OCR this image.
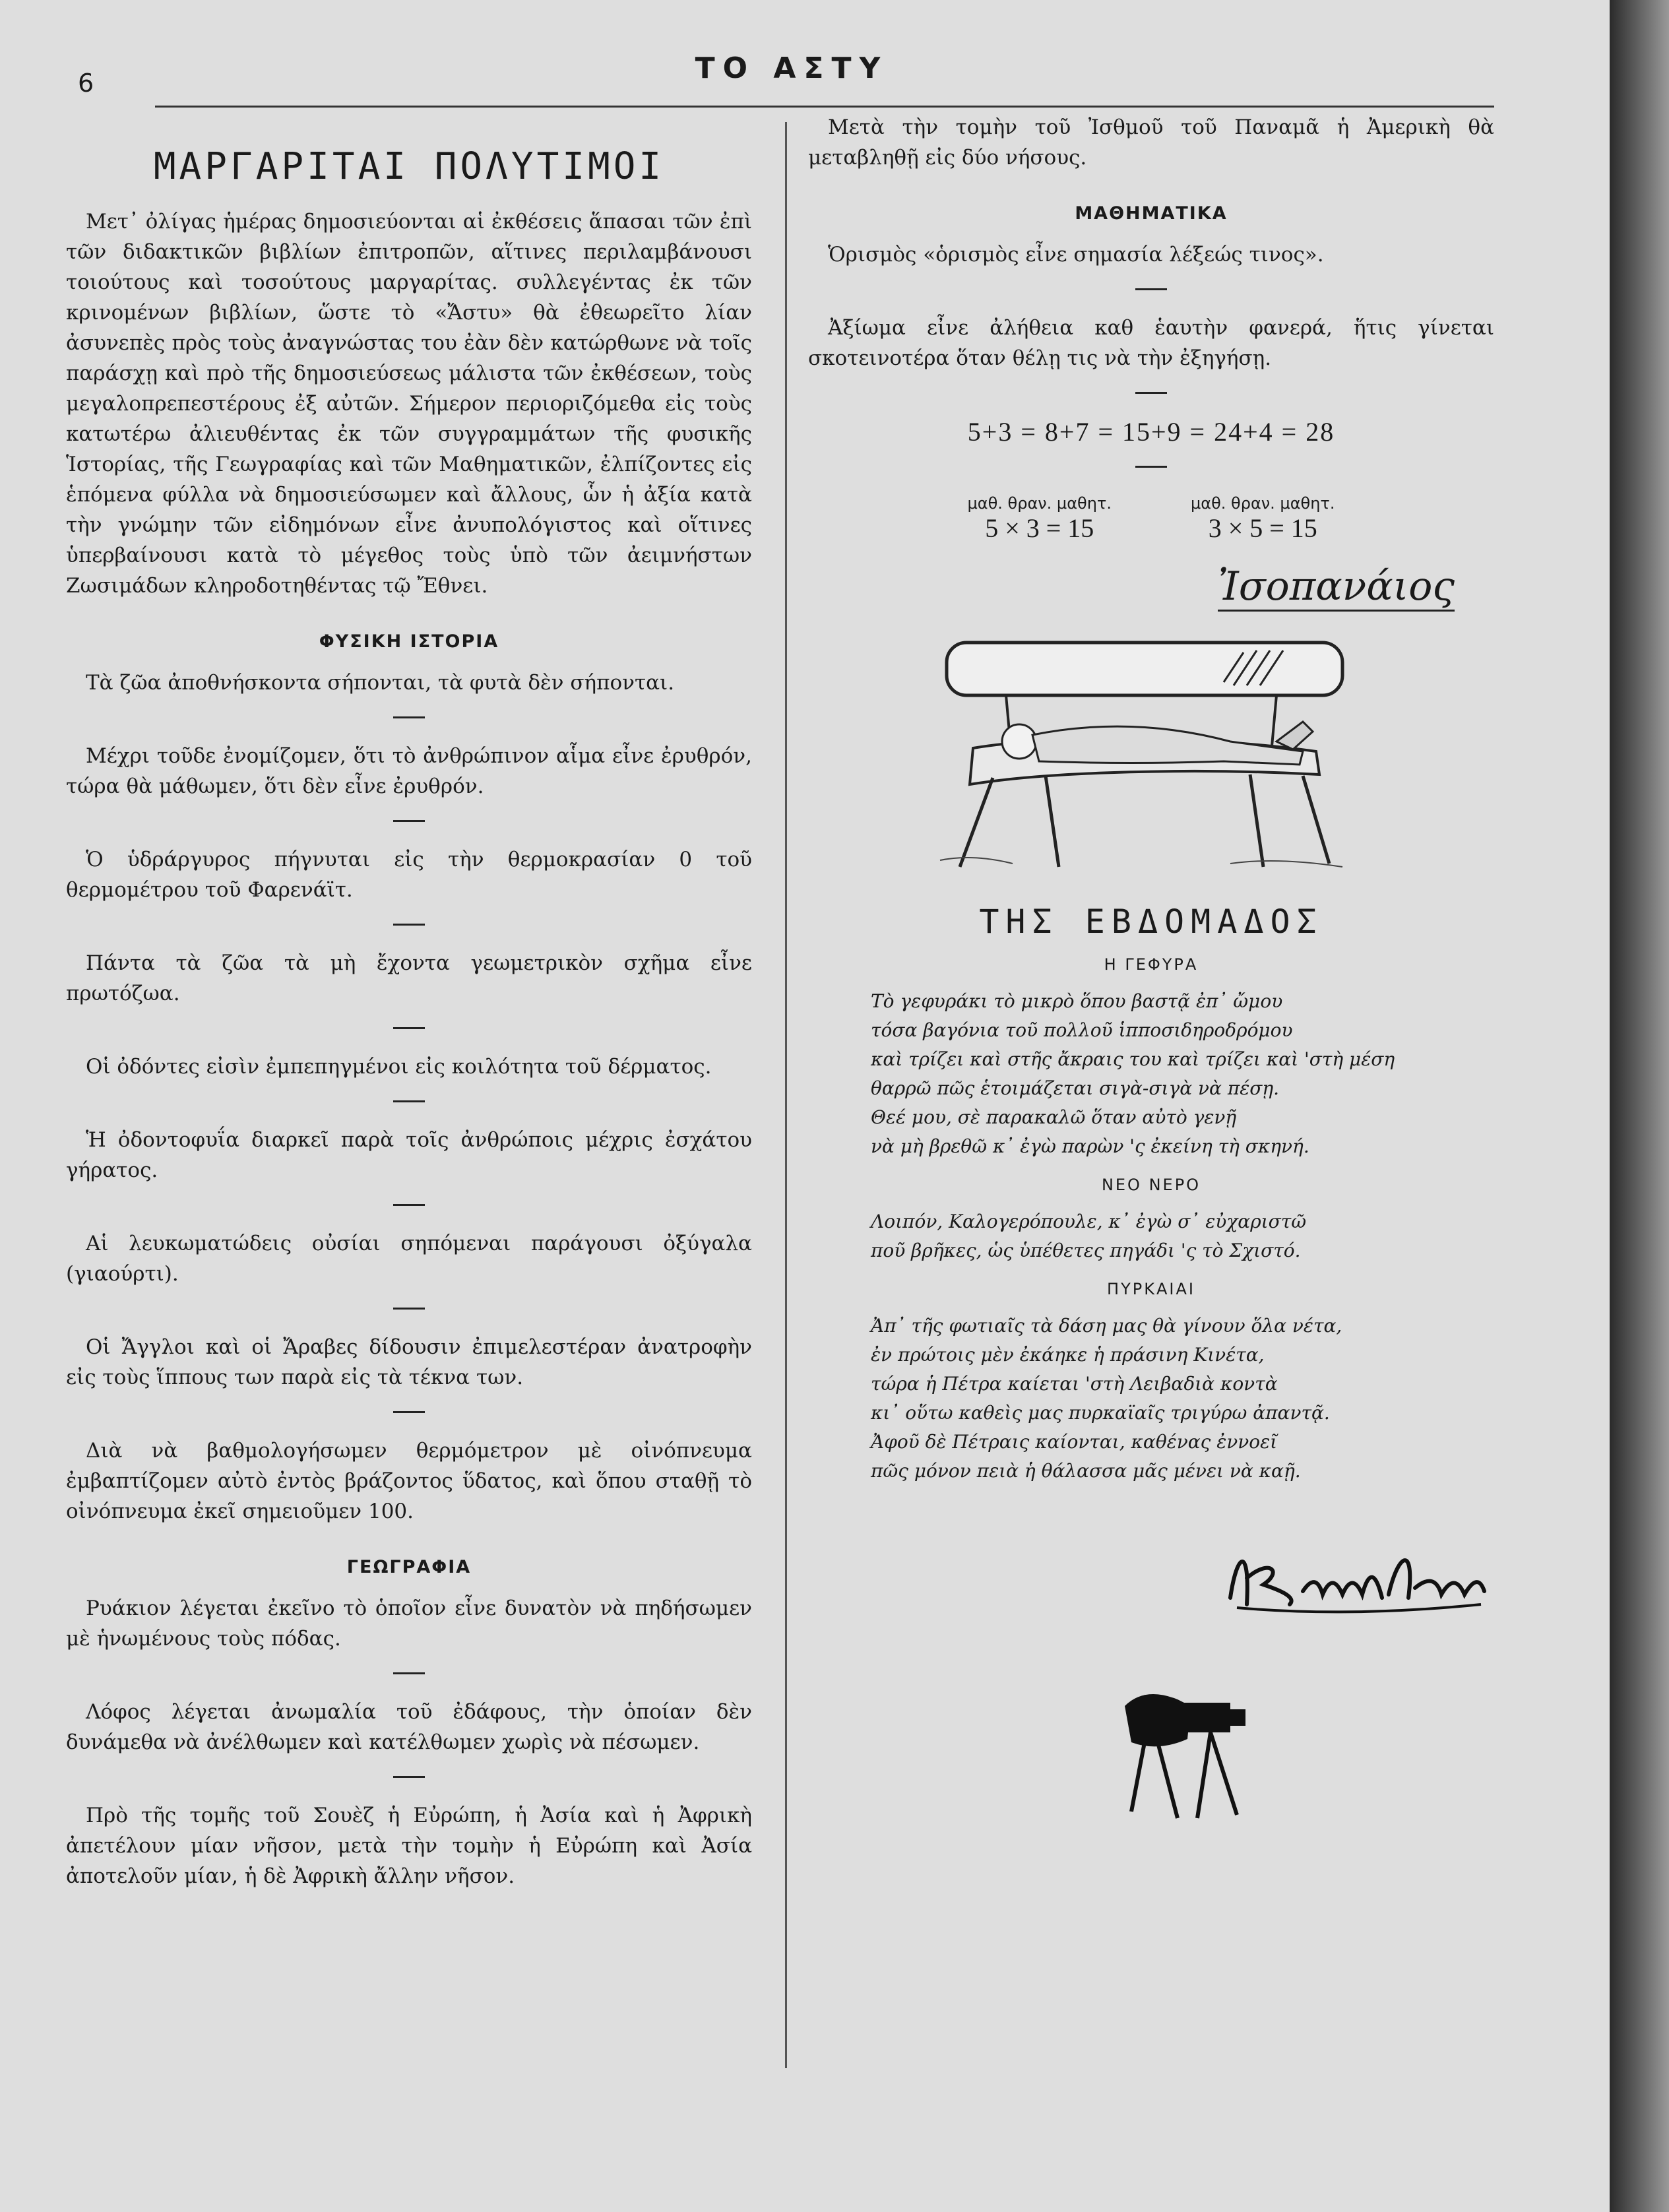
6	ΤΟ ΑΣΤΥ
ΜΑΡΓΑΡΙΤΑΙ ΠΟΛΥΤΙΜΟΙ

Μετ᾽ ὀλίγας ἡμέρας δημοσιεύονται αἱ ἐκθέσεις ἅπασαι τῶν ἐπὶ τῶν διδακτικῶν βιβλίων ἐπιτροπῶν, αἵτινες περιλαμβάνουσι τοιούτους καὶ τοσούτους μαργαρίτας. συλλεγέντας ἐκ τῶν κρινομένων βιβλίων, ὥστε τὸ «Ἄστυ» θὰ ἐθεωρεῖτο λίαν ἀσυνεπὲς πρὸς τοὺς ἀναγνώστας του ἐὰν δὲν κατώρθωνε νὰ τοῖς παράσχῃ καὶ πρὸ τῆς δημοσιεύσεως μάλιστα τῶν ἐκθέσεων, τοὺς μεγαλοπρεπεστέρους ἐξ αὐτῶν. Σήμερον περιοριζόμεθα εἰς τοὺς κατωτέρω ἀλιευθέντας ἐκ τῶν συγγραμμάτων τῆς φυσικῆς Ἱστορίας, τῆς Γεωγραφίας καὶ τῶν Μαθηματικῶν, ἐλπίζοντες εἰς ἑπόμενα φύλλα νὰ δημοσιεύσωμεν καὶ ἄλλους, ὧν ἡ ἀξία κατὰ τὴν γνώμην τῶν εἰδημόνων εἶνε ἀνυπολόγιστος καὶ οἵτινες ὑπερβαίνουσι κατὰ τὸ μέγεθος τοὺς ὑπὸ τῶν ἀειμνήστων Ζωσιμάδων κληροδοτηθέντας τῷ Ἔθνει.

ΦΥΣΙΚΗ ΙΣΤΟΡΙΑ

Τὰ ζῶα ἀποθνήσκοντα σήπονται, τὰ φυτὰ δὲν σήπονται.

Μέχρι τοῦδε ἐνομίζομεν, ὅτι τὸ ἀνθρώπινον αἷμα εἶνε ἐρυθρόν, τώρα θὰ μάθωμεν, ὅτι δὲν εἶνε ἐρυθρόν.

Ὁ ὑδράργυρος πήγνυται εἰς τὴν θερμοκρασίαν 0 τοῦ θερμομέτρου τοῦ Φαρενάϊτ.

Πάντα τὰ ζῶα τὰ μὴ ἔχοντα γεωμετρικὸν σχῆμα εἶνε πρωτόζωα.

Οἱ ὀδόντες εἰσὶν ἐμπεπηγμένοι εἰς κοιλότητα τοῦ δέρματος.

Ἡ ὀδοντοφυΐα διαρκεῖ παρὰ τοῖς ἀνθρώποις μέχρις ἐσχάτου γήρατος.

Αἱ λευκωματώδεις οὐσίαι σηπόμεναι παράγουσι ὀξύγαλα (γιαούρτι).

Οἱ Ἄγγλοι καὶ οἱ Ἄραβες δίδουσιν ἐπιμελεστέραν ἀνατροφὴν εἰς τοὺς ἵππους των παρὰ εἰς τὰ τέκνα των.

Διὰ νὰ βαθμολογήσωμεν θερμόμετρον μὲ οἰνόπνευμα ἐμβαπτίζομεν αὐτὸ ἐντὸς βράζοντος ὕδατος, καὶ ὅπου σταθῇ τὸ οἰνόπνευμα ἐκεῖ σημειοῦμεν 100.

ΓΕΩΓΡΑΦΙΑ

Ρυάκιον λέγεται ἐκεῖνο τὸ ὁποῖον εἶνε δυνατὸν νὰ πηδήσωμεν μὲ ἡνωμένους τοὺς πόδας.

Λόφος λέγεται ἀνωμαλία τοῦ ἐδάφους, τὴν ὁποίαν δὲν δυνάμεθα νὰ ἀνέλθωμεν καὶ κατέλθωμεν χωρὶς νὰ πέσωμεν.

Πρὸ τῆς τομῆς τοῦ Σουὲζ ἡ Εὐρώπη, ἡ Ἀσία καὶ ἡ Ἀφρικὴ ἀπετέλουν μίαν νῆσον, μετὰ τὴν τομὴν ἡ Εὐρώπη καὶ Ἀσία ἀποτελοῦν μίαν, ἡ δὲ Ἀφρικὴ ἄλλην νῆσον.

Μετὰ τὴν τομὴν τοῦ Ἰσθμοῦ τοῦ Παναμᾶ ἡ Ἀμερικὴ θὰ μεταβληθῇ εἰς δύο νήσους.

ΜΑΘΗΜΑΤΙΚΑ

Ὁρισμὸς «ὁρισμὸς εἶνε σημασία λέξεώς τινος».

Ἀξίωμα εἶνε ἀλήθεια καθ ἑαυτὴν φανερά, ἥτις γίνεται σκοτεινοτέρα ὅταν θέλῃ τις νὰ τὴν ἐξηγήσῃ.

5+3 = 8+7 = 15+9 = 24+4 = 28

μαθ. θραν. μαθητ.
5 × 3 = 15
μαθ. θραν. μαθητ.
3 × 5 = 15
Ἰσοπανάιος
ΤΗΣ ΕΒΔΟΜΑΔΟΣ
Η ΓΕΦΥΡΑ

Τὸ γεφυράκι τὸ μικρὸ ὅπου βαστᾷ ἐπ᾽ ὤμου

τόσα βαγόνια τοῦ πολλοῦ ἱπποσιδηροδρόμου

καὶ τρίζει καὶ στῆς ἄκραις του καὶ τρίζει καὶ 'στὴ μέση

θαρρῶ πῶς ἑτοιμάζεται σιγὰ-σιγὰ νὰ πέσῃ.

Θεέ μου, σὲ παρακαλῶ ὅταν αὐτὸ γενῇ

νὰ μὴ βρεθῶ κ᾽ ἐγὼ παρὼν 'ς ἐκείνη τὴ σκηνή.

ΝΕΟ ΝΕΡΟ

Λοιπόν, Καλογερόπουλε, κ᾽ ἐγὼ σ᾽ εὐχαριστῶ

ποῦ βρῆκες, ὡς ὑπέθετες πηγάδι 'ς τὸ Σχιστό.

ΠΥΡΚΑΙΑΙ

Ἀπ᾽ τῆς φωτιαῖς τὰ δάση μας θὰ γίνουν ὅλα νέτα,

ἐν πρώτοις μὲν ἐκάηκε ἡ πράσινη Κινέτα,

τώρα ἡ Πέτρα καίεται 'στὴ Λειβαδιὰ κοντὰ

κι᾽ οὕτω καθεὶς μας πυρκαϊαῖς τριγύρω ἀπαντᾷ.

Ἀφοῦ δὲ Πέτραις καίονται, καθένας ἐννοεῖ

πῶς μόνον πειὰ ἡ θάλασσα μᾶς μένει νὰ καῇ.
